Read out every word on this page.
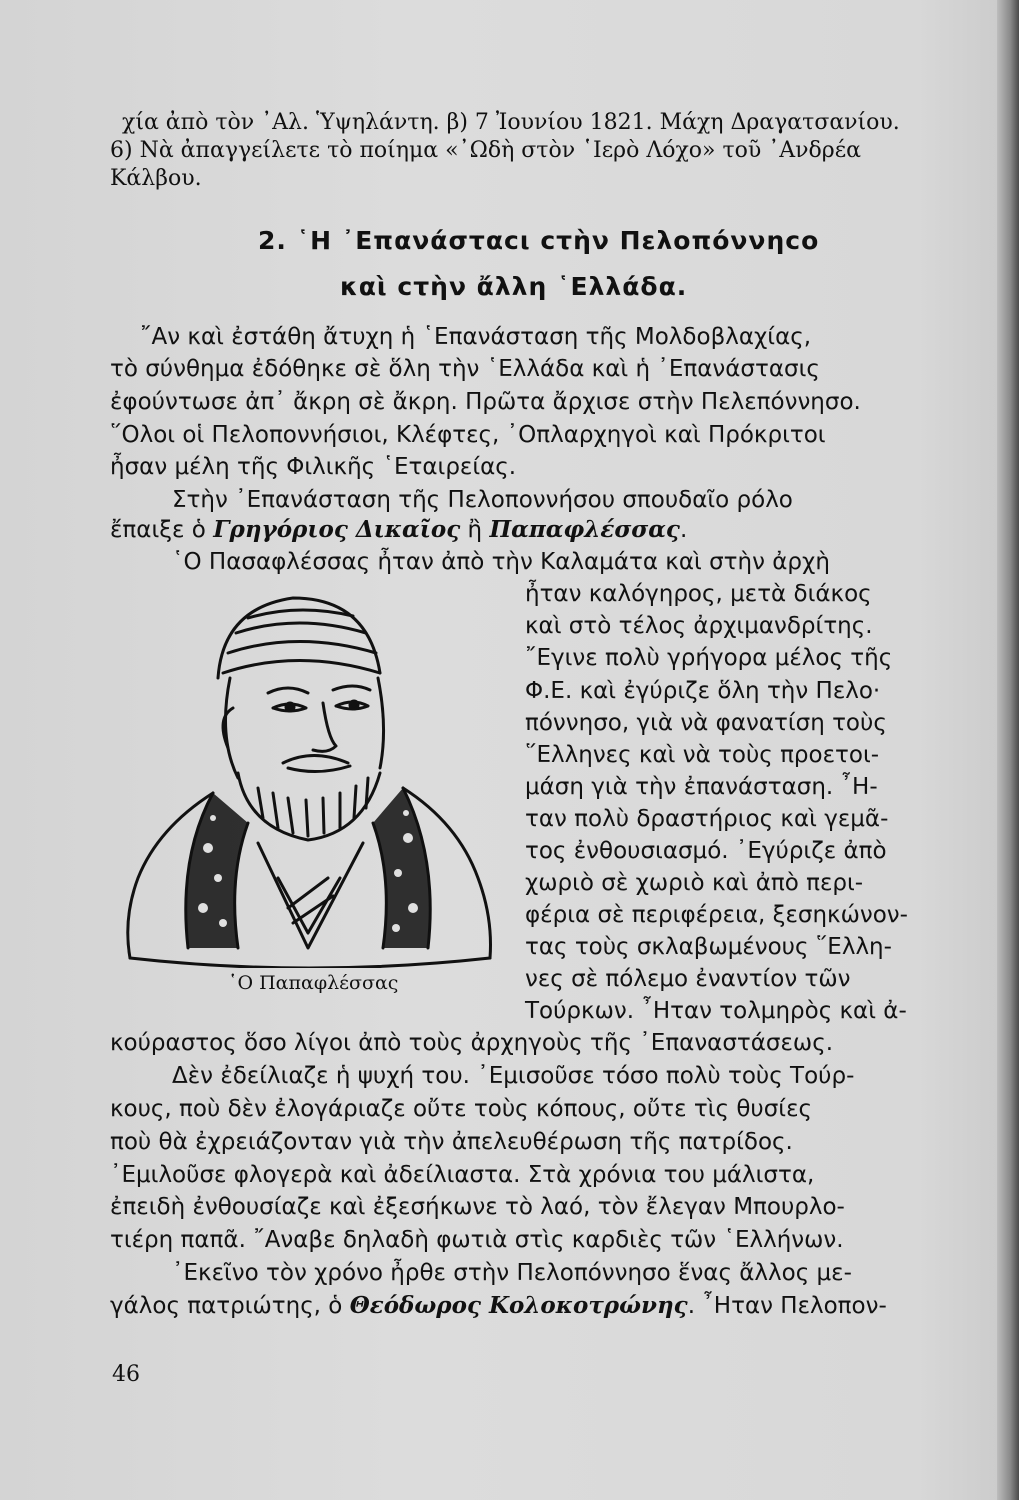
χία ἀπὸ τὸν ᾿Αλ. Ὑψηλάντη. β) 7 Ἰουνίου 1821. Μάχη Δραγατσανίου.
6) Νὰ ἀπαγγείλετε τὸ ποίημα «᾿Ωδὴ στὸν ῾Ιερὸ Λόχο» τοῦ ᾿Ανδρέα
Κάλβου.
2. ῾Η ᾿Επανάσταcι cτὴν Πελοπόννηcο
καὶ cτὴν ἄλλη ῾Ελλάδα.
῎Αν καὶ ἐστάθη ἄτυχη ἡ ῾Επανάσταση τῆς Μολδοβλαχίας,
τὸ σύνθημα ἐδόθηκε σὲ ὅλη τὴν ῾Ελλάδα καὶ ἡ ᾿Επανάστασις
ἐφούντωσε ἀπ᾿ ἄκρη σὲ ἄκρη. Πρῶτα ἄρχισε στὴν Πελεπόννησο.
῞Ολοι οἱ Πελοποννήσιοι, Κλέφτες, ᾿Οπλαρχηγοὶ καὶ Πρόκριτοι
ἦσαν μέλη τῆς Φιλικῆς ῾Εταιρείας.
Στὴν ᾿Επανάσταση τῆς Πελοποννήσου σπουδαῖο ρόλο
ἔπαιξε ὁ Γρηγόριος Δικαῖος ἢ Παπαφλέσσας.
῾Ο Πασαφλέσσας ἦταν ἀπὸ τὴν Καλαμάτα καὶ στὴν ἀρχὴ
ἦταν καλόγηρος, μετὰ διάκος
καὶ στὸ τέλος ἀρχιμανδρίτης.
῎Εγινε πολὺ γρήγορα μέλος τῆς
Φ.Ε. καὶ ἐγύριζε ὅλη τὴν Πελο·
πόννησο, γιὰ νὰ φανατίση τοὺς
῞Ελληνες καὶ νὰ τοὺς προετοι-
μάση γιὰ τὴν ἐπανάσταση. ῏Η-
ταν πολὺ δραστήριος καὶ γεμᾶ-
τος ἐνθουσιασμό. ᾿Εγύριζε ἀπὸ
χωριὸ σὲ χωριὸ καὶ ἀπὸ περι-
φέρια σὲ περιφέρεια, ξεσηκώνον-
τας τοὺς σκλαβωμένους ῞Ελλη-
νες σὲ πόλεμο ἐναντίον τῶν
Τούρκων. ῏Ηταν τολμηρὸς καὶ ἀ-
῾Ο Παπαφλέσσας
κούραστος ὅσο λίγοι ἀπὸ τοὺς ἀρχηγοὺς τῆς ᾿Επαναστάσεως.
Δὲν ἐδείλιαζε ἡ ψυχή του. ᾿Εμισοῦσε τόσο πολὺ τοὺς Τούρ-
κους, ποὺ δὲν ἐλογάριαζε οὔτε τοὺς κόπους, οὔτε τὶς θυσίες
ποὺ θὰ ἐχρειάζονταν γιὰ τὴν ἀπελευθέρωση τῆς πατρίδος.
᾿Εμιλοῦσε φλογερὰ καὶ ἀδείλιαστα. Στὰ χρόνια του μάλιστα,
ἐπειδὴ ἐνθουσίαζε καὶ ἐξεσήκωνε τὸ λαό, τὸν ἔλεγαν Μπουρλο-
τιέρη παπᾶ. ῎Αναβε δηλαδὴ φωτιὰ στὶς καρδιὲς τῶν ῾Ελλήνων.
᾿Εκεῖνο τὸν χρόνο ἦρθε στὴν Πελοπόννησο ἕνας ἄλλος με-
γάλος πατριώτης, ὁ Θεόδωρος Κολοκοτρώνης. ῏Ηταν Πελοπον-
46
